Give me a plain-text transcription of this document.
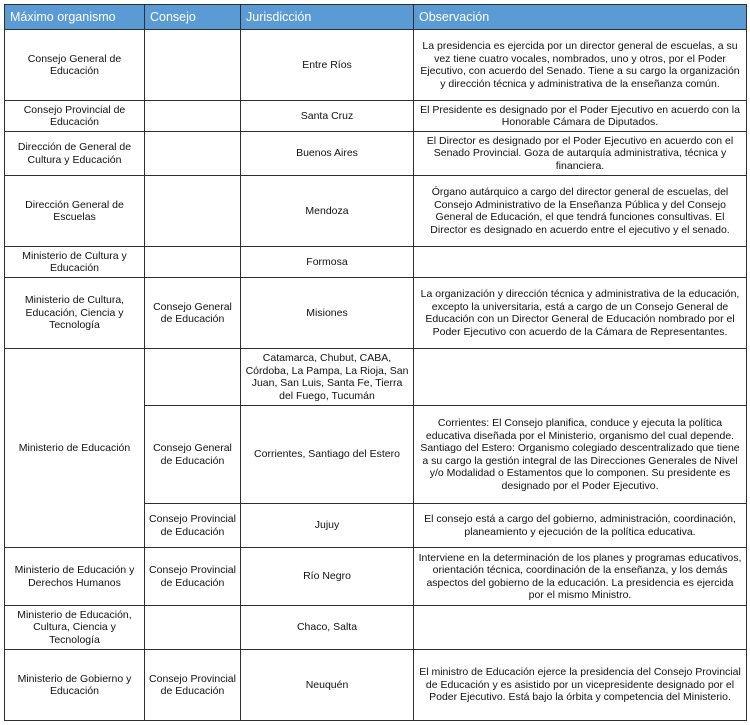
Máximo organismo	Consejo	Jurisdicción	Observación
Consejo General de Educación		Entre Ríos	La presidencia es ejercida por un director general de escuelas, a su vez tiene cuatro vocales, nombrados, uno y otros, por el Poder Ejecutivo, con acuerdo del Senado. Tiene a su cargo la organización y dirección técnica y administrativa de la enseñanza común.
Consejo Provincial de Educación		Santa Cruz	El Presidente es designado por el Poder Ejecutivo en acuerdo con la Honorable Cámara de Diputados.
Dirección de General de Cultura y Educación		Buenos Aires	El Director es designado por el Poder Ejecutivo en acuerdo con el Senado Provincial. Goza de autarquía administrativa, técnica y financiera.
Dirección General de Escuelas		Mendoza	Órgano autárquico a cargo del director general de escuelas, del Consejo Administrativo de la Enseñanza Pública y del Consejo General de Educación, el que tendrá funciones consultivas. El Director es designado en acuerdo entre el ejecutivo y el senado.
Ministerio de Cultura y Educación		Formosa	
Ministerio de Cultura, Educación, Ciencia y Tecnología	Consejo General de Educación	Misiones	La organización y dirección técnica y administrativa de la educación, excepto la universitaria, está a cargo de un Consejo General de Educación con un Director General de Educación nombrado por el Poder Ejecutivo con acuerdo de la Cámara de Representantes.
Ministerio de Educación		Catamarca, Chubut, CABA, Córdoba, La Pampa, La Rioja, San Juan, San Luis, Santa Fe, Tierra del Fuego, Tucumán	
	Consejo General de Educación	Corrientes, Santiago del Estero	Corrientes: El Consejo planifica, conduce y ejecuta la política educativa diseñada por el Ministerio, organismo del cual depende.
Santiago del Estero: Organismo colegiado descentralizado que tiene a su cargo la gestión integral de las Direcciones Generales de Nivel y/o Modalidad o Estamentos que lo componen. Su presidente es designado por el Poder Ejecutivo.

	Consejo Provincial de Educación	Jujuy	El consejo está a cargo del gobierno, administración, coordinación, planeamiento y ejecución de la política educativa.
Ministerio de Educación y Derechos Humanos	Consejo Provincial de Educación	Río Negro	Interviene en la determinación de los planes y programas educativos, orientación técnica, coordinación de la enseñanza, y los demás aspectos del gobierno de la educación. La presidencia es ejercida por el mismo Ministro.
Ministerio de Educación, Cultura, Ciencia y Tecnología		Chaco, Salta	
Ministerio de Gobierno y Educación	Consejo Provincial de Educación	Neuquén	El ministro de Educación ejerce la presidencia del Consejo Provincial de Educación y es asistido por un vicepresidente designado por el Poder Ejecutivo. Está bajo la órbita y competencia del Ministerio.
